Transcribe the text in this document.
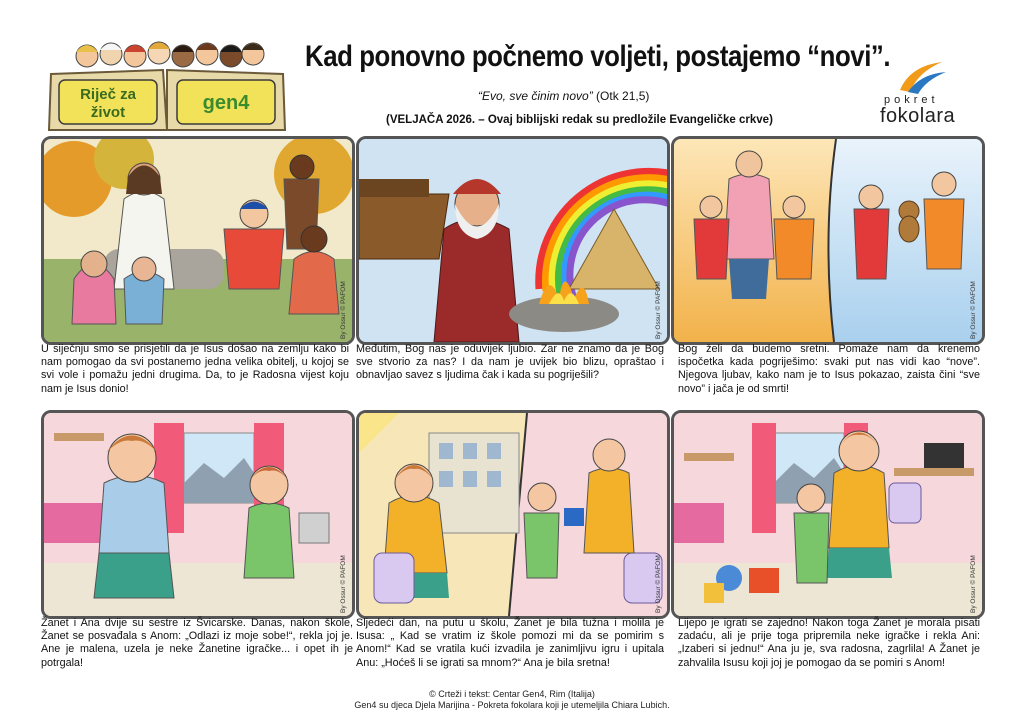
Riječ za
život	gen4
Kad ponovno počnemo voljeti, postajemo “novi”.
“Evo, sve činim novo” (Otk 21,5)
(VELJAČA 2026. – Ovaj biblijski redak su predložile Evangeličke crkve)
pokret
fokolara
By Ossur © PAFOM
U siječnju smo se prisjetili da je Isus došao na zemlju kako bi nam pomogao da svi postanemo jedna velika obitelj, u kojoj se svi vole i pomažu jedni drugima. Da, to je Radosna vijest koju nam je Isus donio!
By Ossur © PAFOM
Međutim, Bog nas je oduvijek ljubio. Zar ne znamo da je Bog sve stvorio za nas? I da nam je uvijek bio blizu, opraštao i obnavljao savez s ljudima čak i kada su pogriješili?
By Ossur © PAFOM
Bog želi da budemo sretni. Pomaže nam da krenemo ispočetka kada pogriješimo: svaki put nas vidi kao “nove”. Njegova ljubav, kako nam je to Isus pokazao, zaista čini “sve novo” i jača je od smrti!
By Ossur © PAFOM
Žanet i Ana dvije su sestre iz Švicarske. Danas, nakon škole, Žanet se posvađala s Anom: „Odlazi iz moje sobe!“, rekla joj je. Ane je malena, uzela je neke Žanetine igračke... i opet ih je potrgala!
By Ossur © PAFOM
Sljedeći dan, na putu u školu, Žanet je bila tužna i molila je Isusa: „ Kad se vratim iz škole pomozi mi da se pomirim s Anom!“ Kad se vratila kući izvadila je zanimljivu igru i upitala Anu: „Hoćeš li se igrati sa mnom?“ Ana je bila sretna!
By Ossur © PAFOM
Lijepo je igrati se zajedno! Nakon toga Žanet je morala pisati zadaću, ali je prije toga pripremila neke igračke i rekla Ani: „Izaberi si jednu!“ Ana ju je, sva radosna, zagrlila! A Žanet je zahvalila Isusu koji joj je pomogao da se pomiri s Anom!
© Crteži i tekst: Centar Gen4, Rim (Italija)
Gen4 su djeca Djela Marijina - Pokreta fokolara koji je utemeljila Chiara Lubich.
